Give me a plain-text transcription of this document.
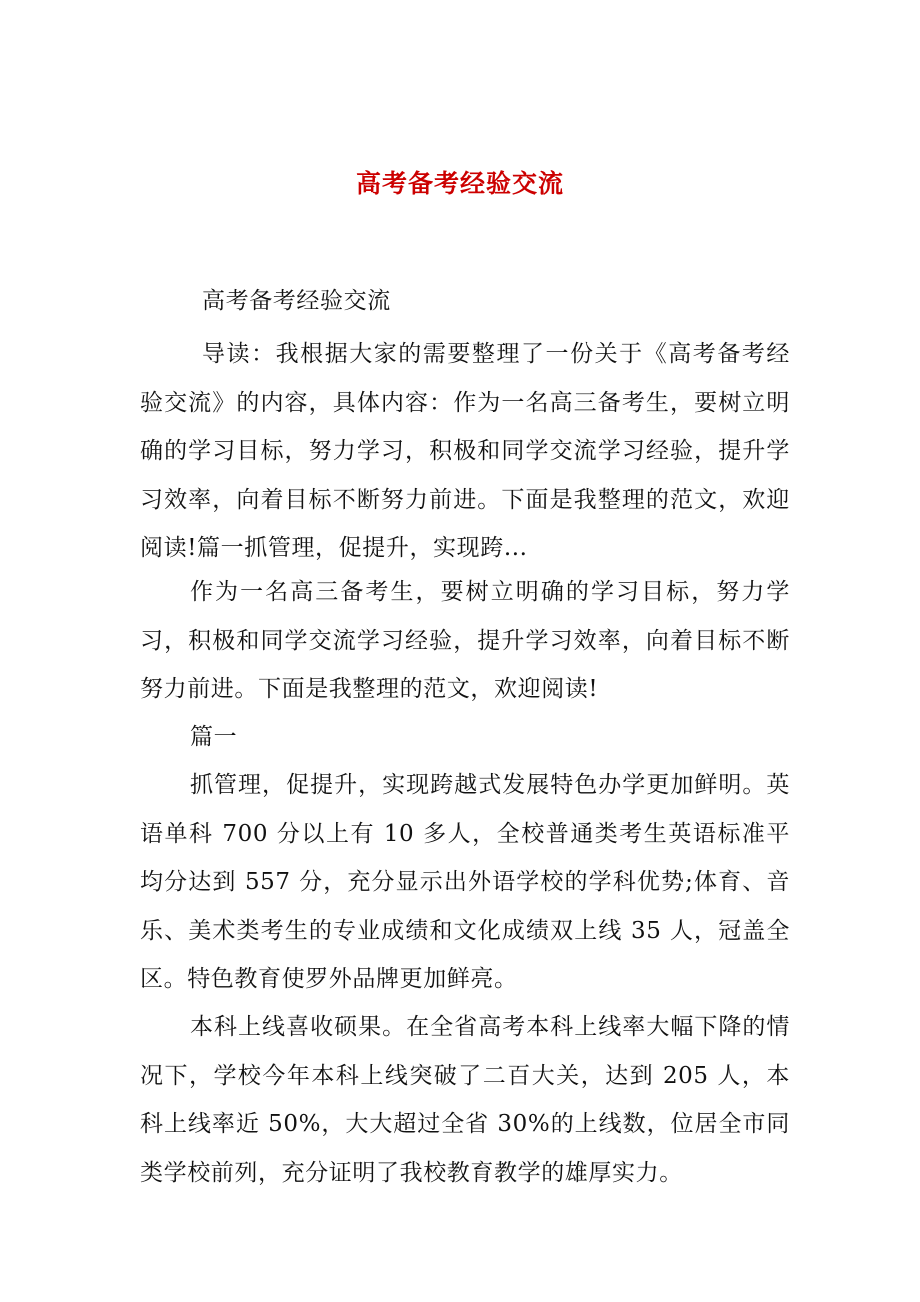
高考备考经验交流
高考备考经验交流
导读：我根据大家的需要整理了一份关于《高考备考经验交流》的内容，具体内容：作为一名高三备考生，要树立明确的学习目标，努力学习，积极和同学交流学习经验，提升学习效率，向着目标不断努力前进。下面是我整理的范文，欢迎阅读!篇一抓管理，促提升，实现跨...
作为一名高三备考生，要树立明确的学习目标，努力学习，积极和同学交流学习经验，提升学习效率，向着目标不断努力前进。下面是我整理的范文，欢迎阅读!
篇一
抓管理，促提升，实现跨越式发展特色办学更加鲜明。英语单科 700 分以上有 10 多人，全校普通类考生英语标准平均分达到 557 分，充分显示出外语学校的学科优势;体育、音乐、美术类考生的专业成绩和文化成绩双上线 35 人，冠盖全区。特色教育使罗外品牌更加鲜亮。
本科上线喜收硕果。在全省高考本科上线率大幅下降的情况下，学校今年本科上线突破了二百大关，达到 205 人，本科上线率近 50%，大大超过全省 30%的上线数，位居全市同类学校前列，充分证明了我校教育教学的雄厚实力。
